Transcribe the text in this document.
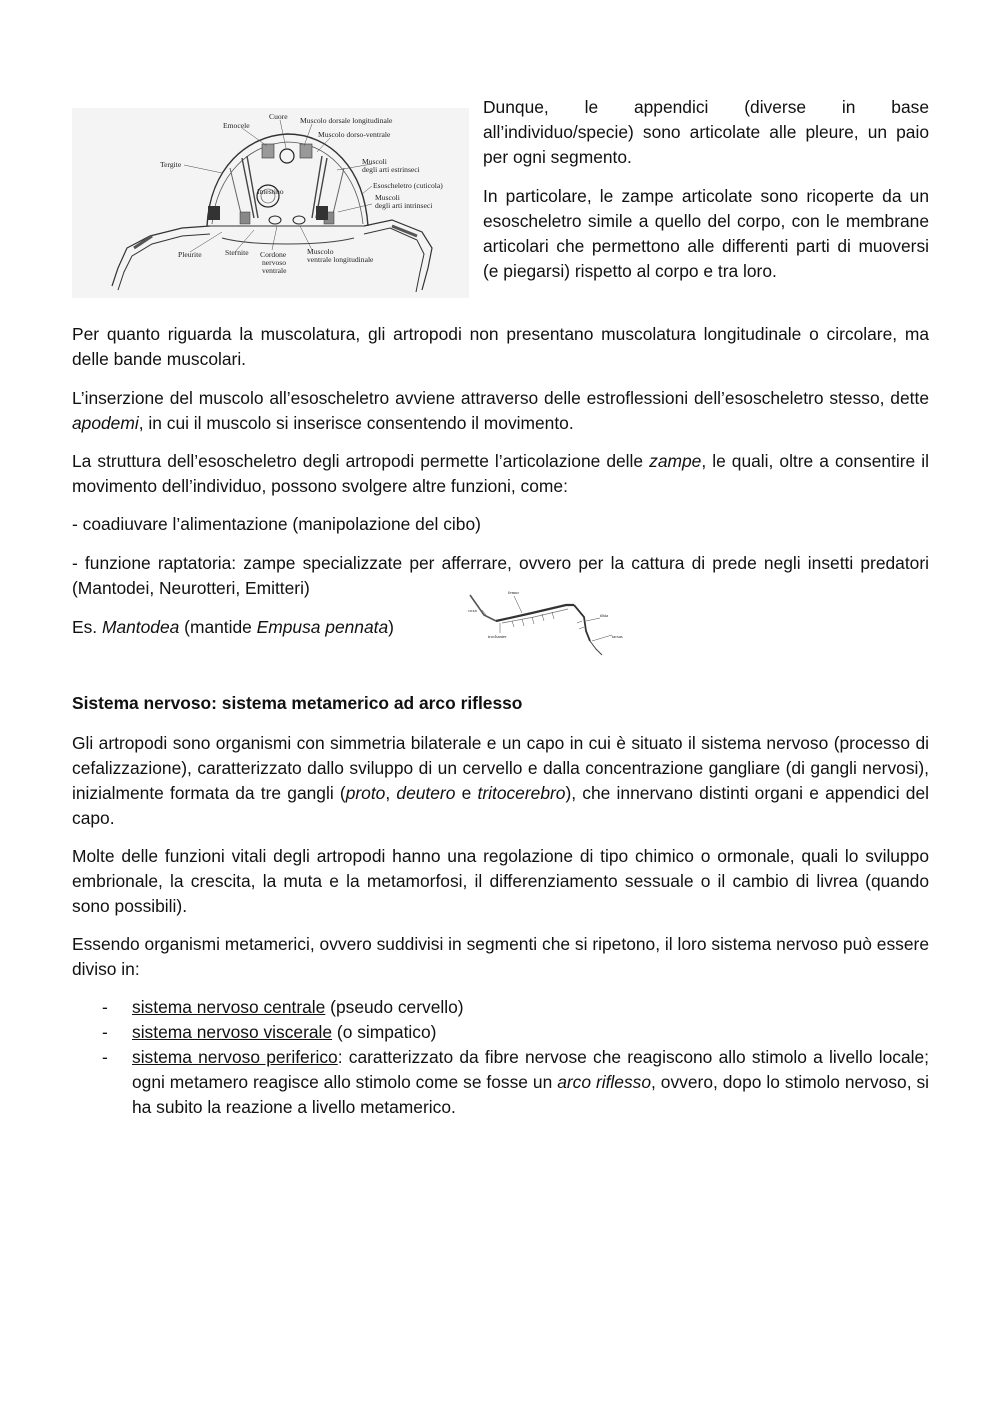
Emocele
Cuore Muscolo dorsale longitudinale
Muscolo dorso-ventrale
Tergite	Muscoli
degli arti estrinseci
Intestino
Esoscheletro (cuticola)
Muscoli
degli arti intrinseci
Pleurite	Sternite Cordone
nervoso
ventrale
Muscolo
ventrale longitudinale

Dunque, le appendici (diverse in base all’individuo/specie) sono articolate alle pleure, un paio per ogni segmento.

In particolare, le zampe articolate sono ricoperte da un esoscheletro simile a quello del corpo, con le membrane articolari che permettono alle differenti parti di muoversi (e piegarsi) rispetto al corpo e tra loro.

Per quanto riguarda la muscolatura, gli artropodi non presentano muscolatura longitudinale o circolare, ma delle bande muscolari.

L’inserzione del muscolo all’esoscheletro avviene attraverso delle estroflessioni dell’esoscheletro stesso, dette apodemi, in cui il muscolo si inserisce consentendo il movimento.

La struttura dell’esoscheletro degli artropodi permette l’articolazione delle zampe, le quali, oltre a consentire il movimento dell’individuo, possono svolgere altre funzioni, come:

- coadiuvare l’alimentazione (manipolazione del cibo)

- funzione raptatoria: zampe specializzate per afferrare, ovvero per la cattura di prede negli insetti predatori (Mantodei, Neurotteri, Emitteri)

Es. Mantodea (mantide Empusa pennata)

femur
coxa
trochanter
tibia
tarsus
Sistema nervoso: sistema metamerico ad arco riflesso

Gli artropodi sono organismi con simmetria bilaterale e un capo in cui è situato il sistema nervoso (processo di cefalizzazione), caratterizzato dallo sviluppo di un cervello e dalla concentrazione gangliare (di gangli nervosi), inizialmente formata da tre gangli (proto, deutero e tritocerebro), che innervano distinti organi e appendici del capo.

Molte delle funzioni vitali degli artropodi hanno una regolazione di tipo chimico o ormonale, quali lo sviluppo embrionale, la crescita, la muta e la metamorfosi, il differenziamento sessuale o il cambio di livrea (quando sono possibili).

Essendo organismi metamerici, ovvero suddivisi in segmenti che si ripetono, il loro sistema nervoso può essere diviso in:

- sistema nervoso centrale (pseudo cervello)
- sistema nervoso viscerale (o simpatico)
- sistema nervoso periferico: caratterizzato da fibre nervose che reagiscono allo stimolo a livello locale; ogni metamero reagisce allo stimolo come se fosse un arco riflesso, ovvero, dopo lo stimolo nervoso, si ha subito la reazione a livello metamerico.
